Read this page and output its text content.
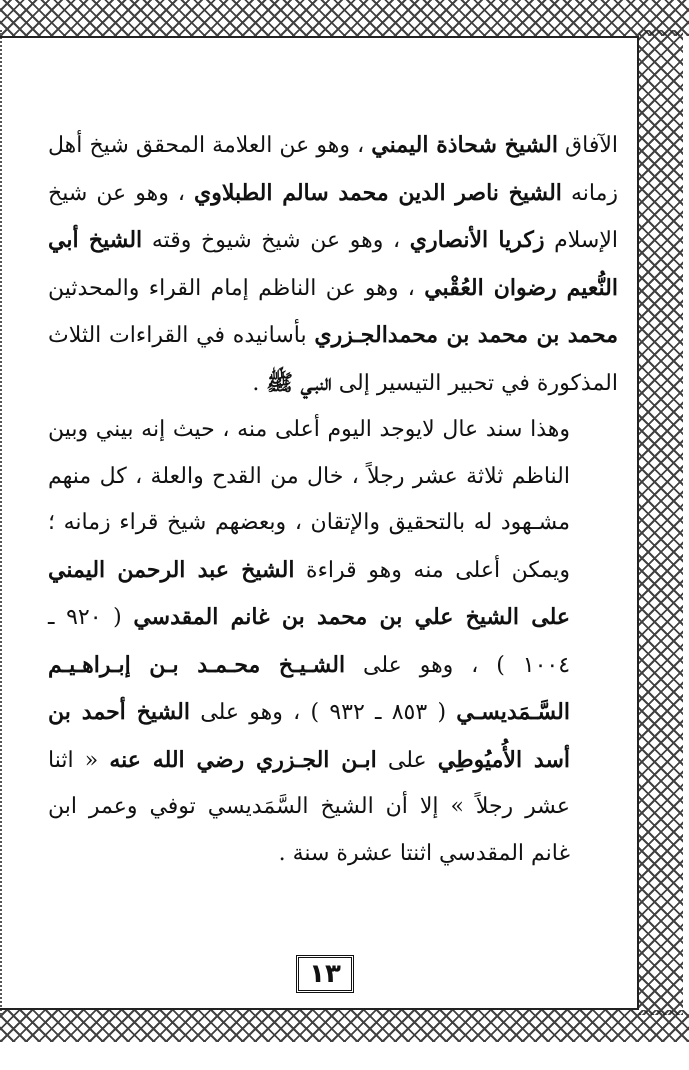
الآفاق الشيخ شحاذة اليمني ، وهو عن العلامة المحقق شيخ أهل زمانه الشيخ ناصر الدين محمد سالم الطبلاوي ، وهو عن شيخ الإسلام زكريا الأنصاري ، وهو عن شيخ شيوخ وقته الشيخ أبي النُّعيم رضوان العُقْبي ، وهو عن الناظم إمام القراء والمحدثين محمد بن محمد بن محمدالجـزري بأسانيده في القراءات الثلاث المذكورة في تحبير التيسير إلى النبـي ﷺ .

وهذا سند عال لايوجد اليوم أعلى منه ، حيث إنه بيني وبين الناظم ثلاثة عشر رجلاً ، خال من القدح والعلة ، كل منهم مشـهود له بالتحقيق والإتقان ، وبعضهم شيخ قراء زمانه ؛ ويمكن أعلى منه وهو قراءة الشيخ عبد الرحمن اليمني على الشيخ علي بن محمد بن غانم المقدسي ( ٩٢٠ ـ ١٠٠٤ ) ، وهو على الشـيـخ محـمـد بـن إبـراهـيـم السَّـمَديسـي ( ٨٥٣ ـ ٩٣٢ ) ، وهو على الشيخ أحمد بن أسد الأُميُوطِي على ابـن الجـزري رضي الله عنه « اثنا عشر رجلاً » إلا أن الشيخ السَّمَديسي توفي وعمر ابن غانم المقدسي اثنتا عشرة سنة .

١٣
